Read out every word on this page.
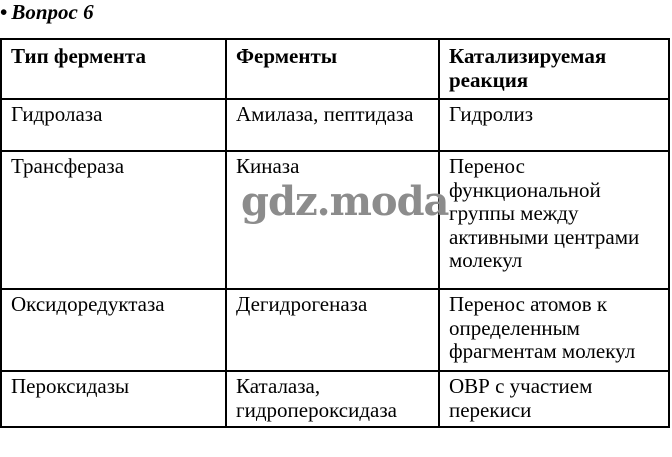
• Вопрос 6
Тип фермента	Ферменты	Катализируемая реакция
Гидролаза	Амилаза, пептидаза	Гидролиз
Трансфераза	Киназа	Перенос функциональной группы между активными центрами молекул
Оксидоредуктаза	Дегидрогеназа	Перенос атомов к определенным фрагментам молекул
Пероксидазы	Каталаза, гидропероксидаза	ОВР с участием перекиси
gdz.moda
